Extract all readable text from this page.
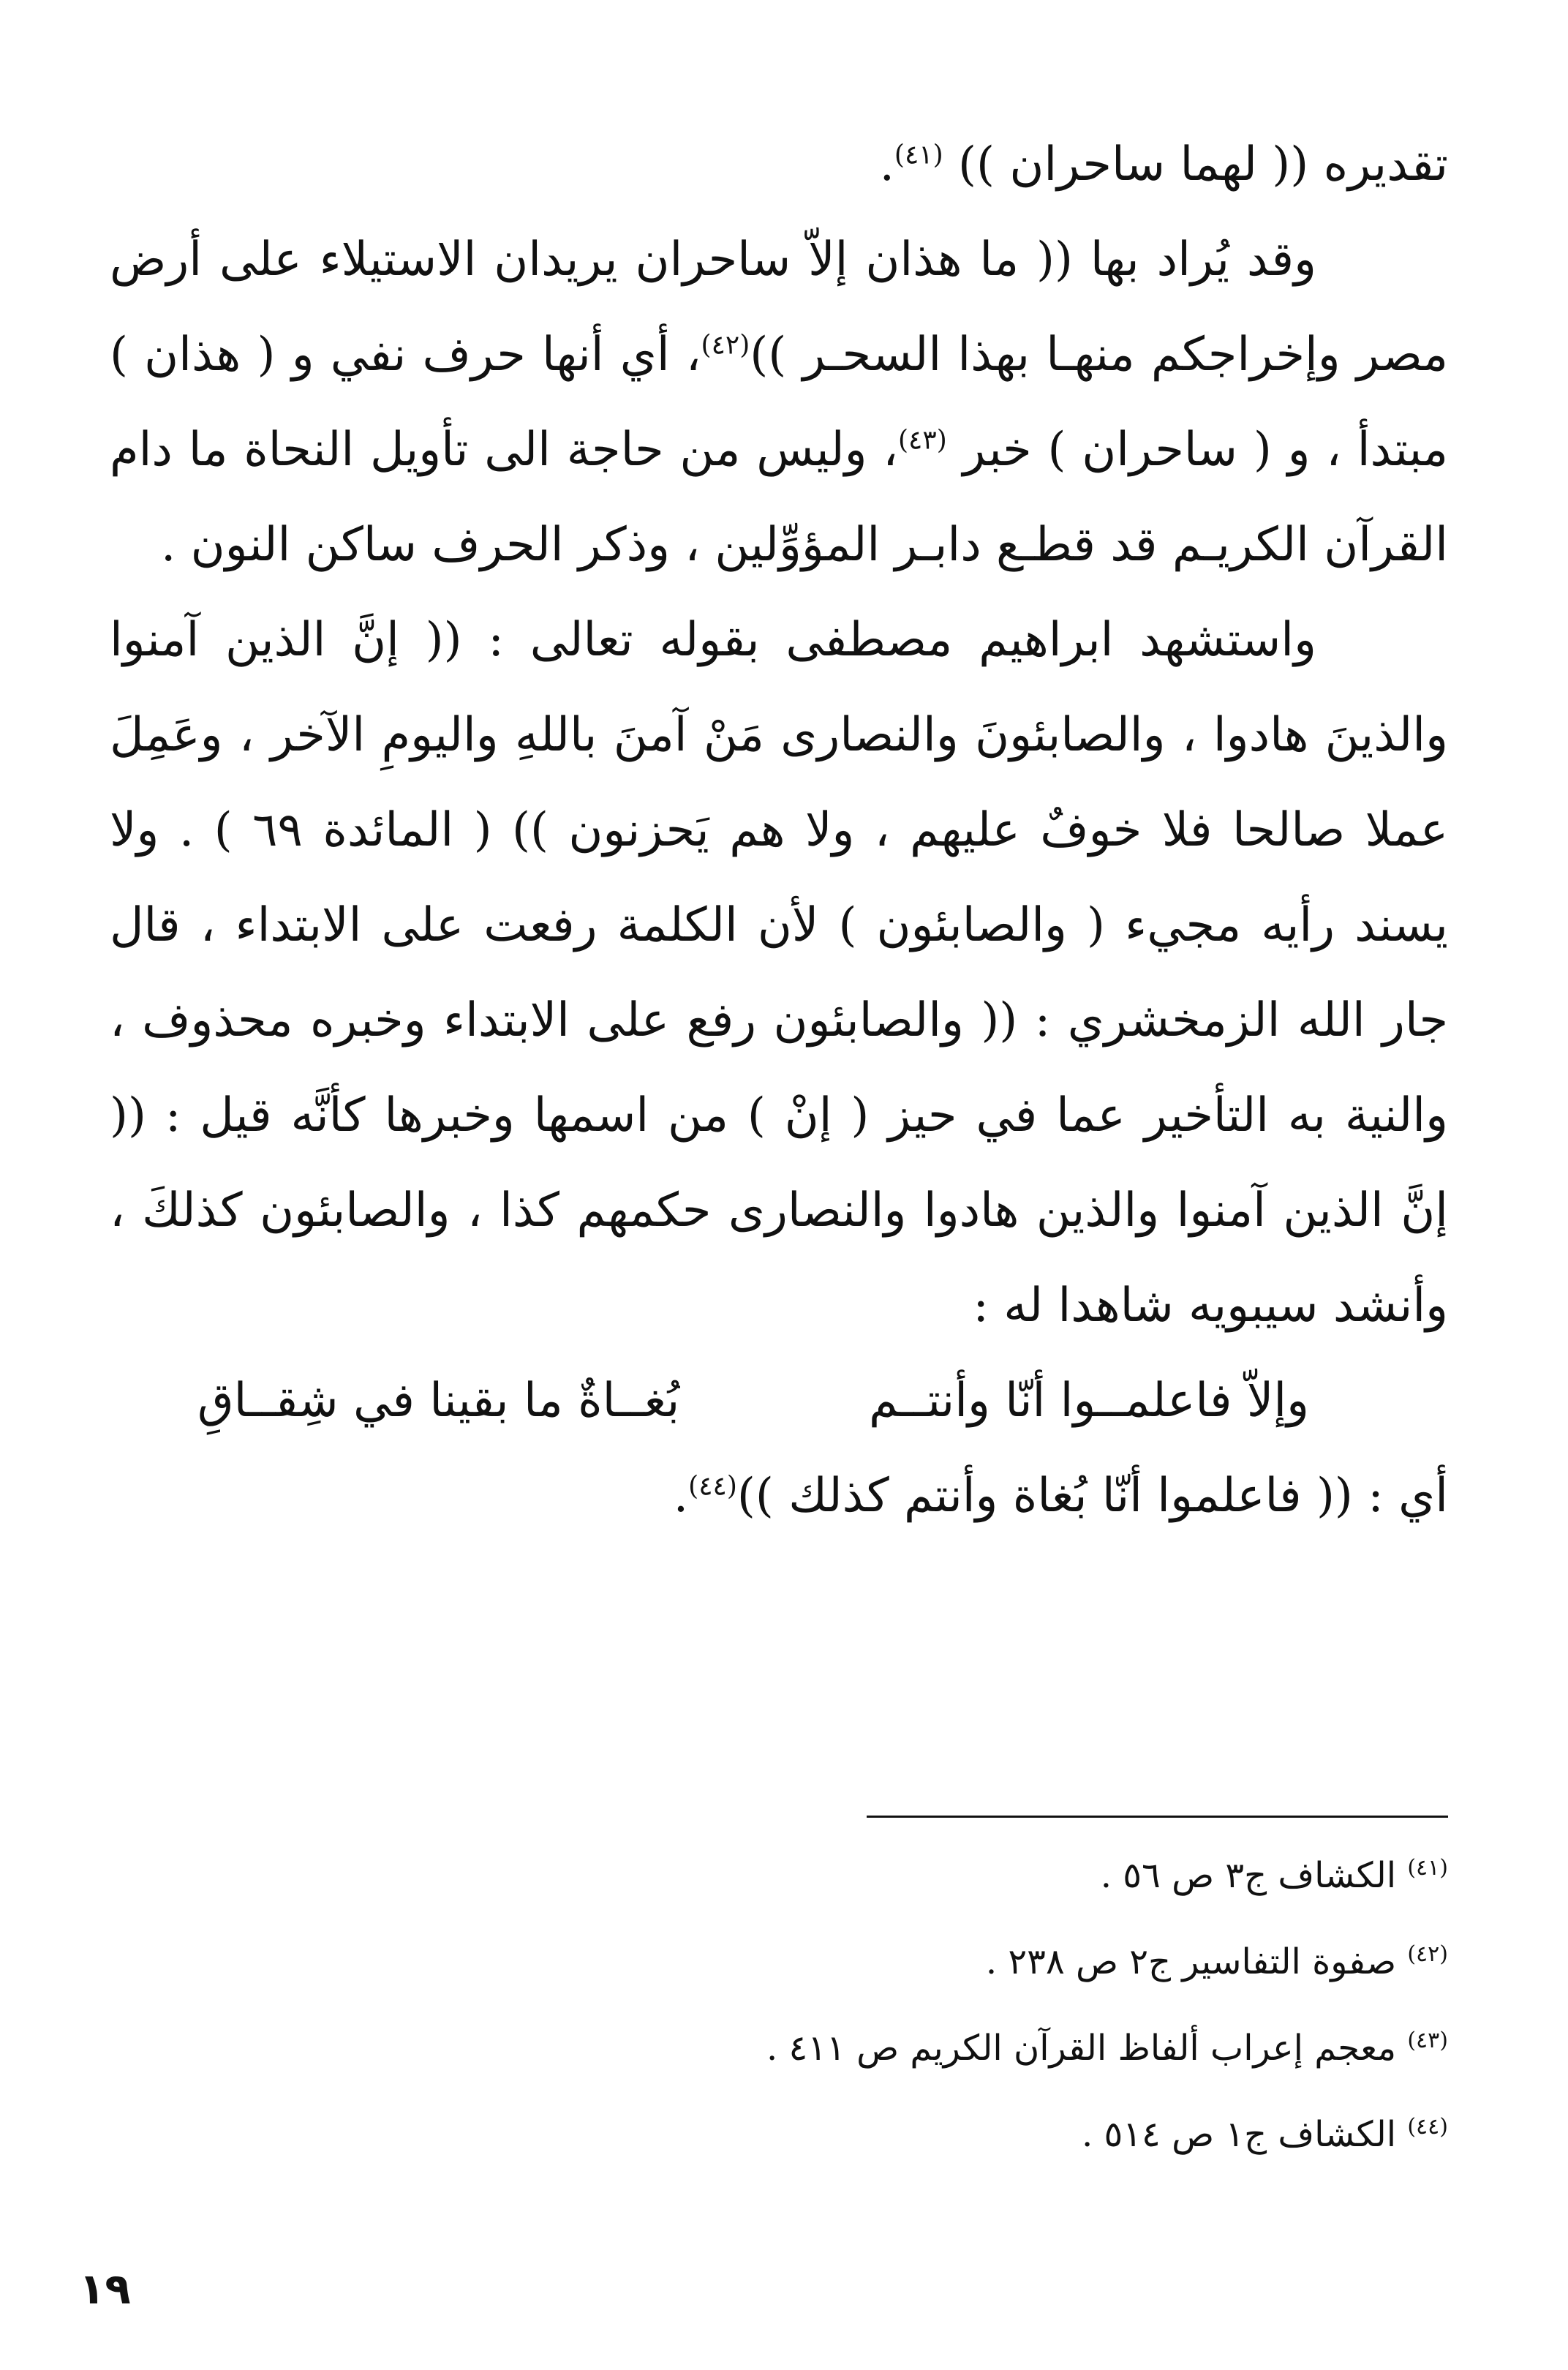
تقديره (( لهما ساحران )) $^{(٤١)}$.

وقد يُراد بها (( ما هذان إلاّ ساحران يريدان الاستيلاء على أرض مصر وإخراجكم منهـا بهذا السحـر ))$^{(٤٢)}$، أي أنها حرف نفي و ( هذان ) مبتدأ ، و ( ساحران ) خبر $^{(٤٣)}$، وليس من حاجة الى تأويل النحاة ما دام القرآن الكريـم قد قطـع دابـر المؤوِّلين ، وذكر الحرف ساكن النون .

واستشهد ابراهيم مصطفى بقوله تعالى : (( إنَّ الذين آمنوا والذينَ هادوا ، والصابئونَ والنصارى مَنْ آمنَ باللهِ واليومِ الآخر ، وعَمِلَ عملا صالحا فلا خوفٌ عليهم ، ولا هم يَحزنون )) ( المائدة ٦٩ ) . ولا يسند رأيه مجيء ( والصابئون ) لأن الكلمة رفعت على الابتداء ، قال جار الله الزمخشري : (( والصابئون رفع على الابتداء وخبره محذوف ، والنية به التأخير عما في حيز ( إنْ ) من اسمها وخبرها كأنَّه قيل : (( إنَّ الذين آمنوا والذين هادوا والنصارى حكمهم كذا ، والصابئون كذلكَ ، وأنشد سيبويه شاهدا له :

وإلاّ فاعلمــوا أنّا وأنتــم
بُغــاةٌ ما بقينا في شِقــاقِ

أي : (( فاعلموا أنّا بُغاة وأنتم كذلك ))$^{(٤٤)}$.

$^{(٤١)}$ الكشاف ج٣ ص ٥٦ .
$^{(٤٢)}$ صفوة التفاسير ج٢ ص ٢٣٨ .
$^{(٤٣)}$ معجم إعراب ألفاظ القرآن الكريم ص ٤١١ .
$^{(٤٤)}$ الكشاف ج١ ص ٥١٤ .
١٩
